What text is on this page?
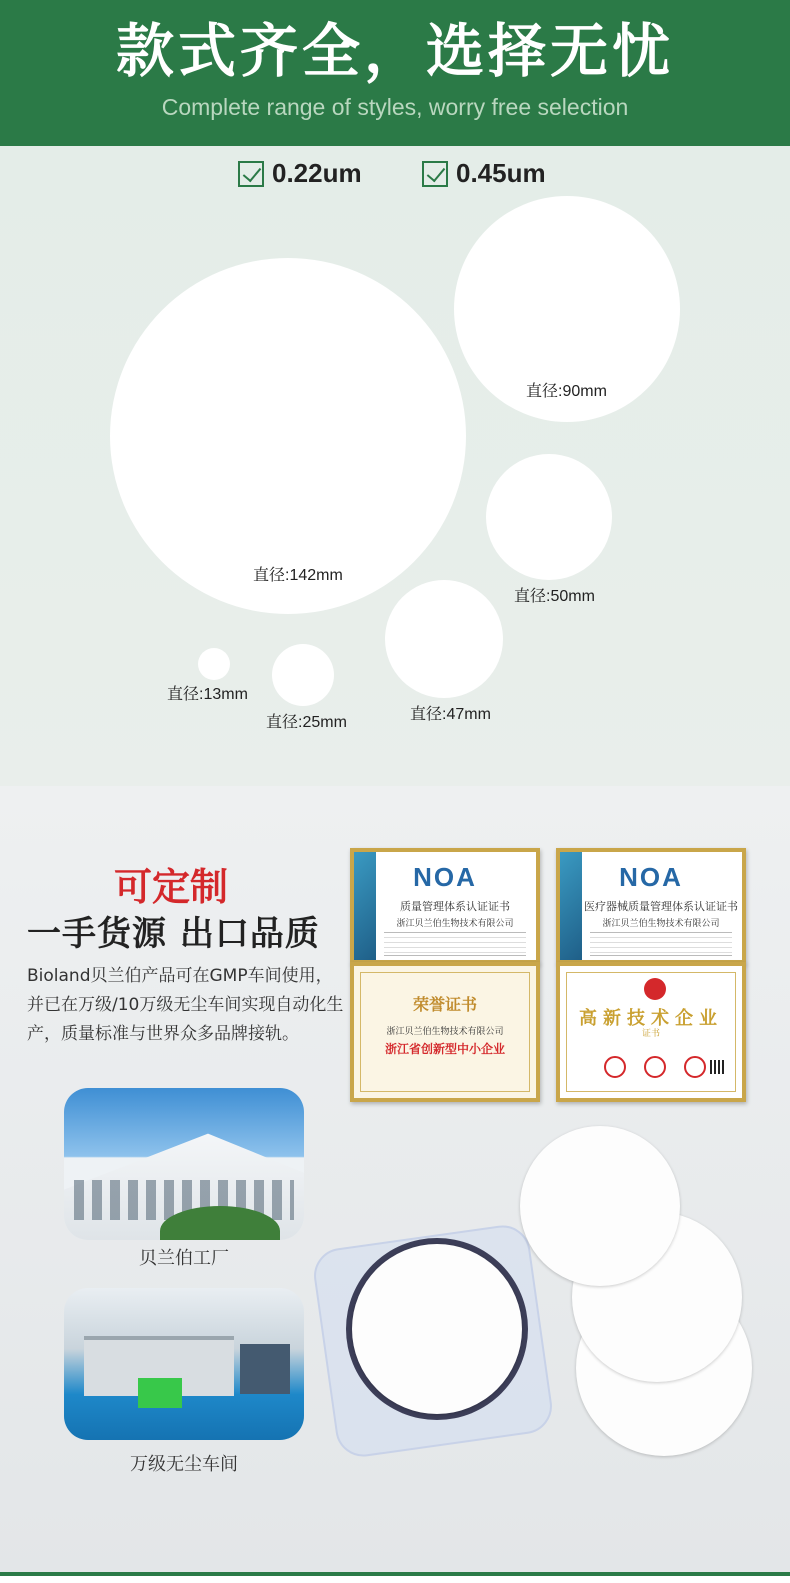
款式齐全，选择无忧
Complete range of styles, worry free selection
0.22um	0.45um
直径:142mm
直径:90mm
直径:50mm
直径:47mm
直径:25mm
直径:13mm
可定制
一手货源 出口品质
Bioland贝兰伯产品可在GMP车间使用，并已在万级/10万级无尘车间实现自动化生产，质量标准与世界众多品牌接轨。
NOA
质量管理体系认证证书
浙江贝兰伯生物技术有限公司
NOA
医疗器械质量管理体系认证证书
浙江贝兰伯生物技术有限公司
荣誉证书
浙江贝兰伯生物技术有限公司
浙江省创新型中小企业
高新技术企业
证书
贝兰伯工厂
万级无尘车间
